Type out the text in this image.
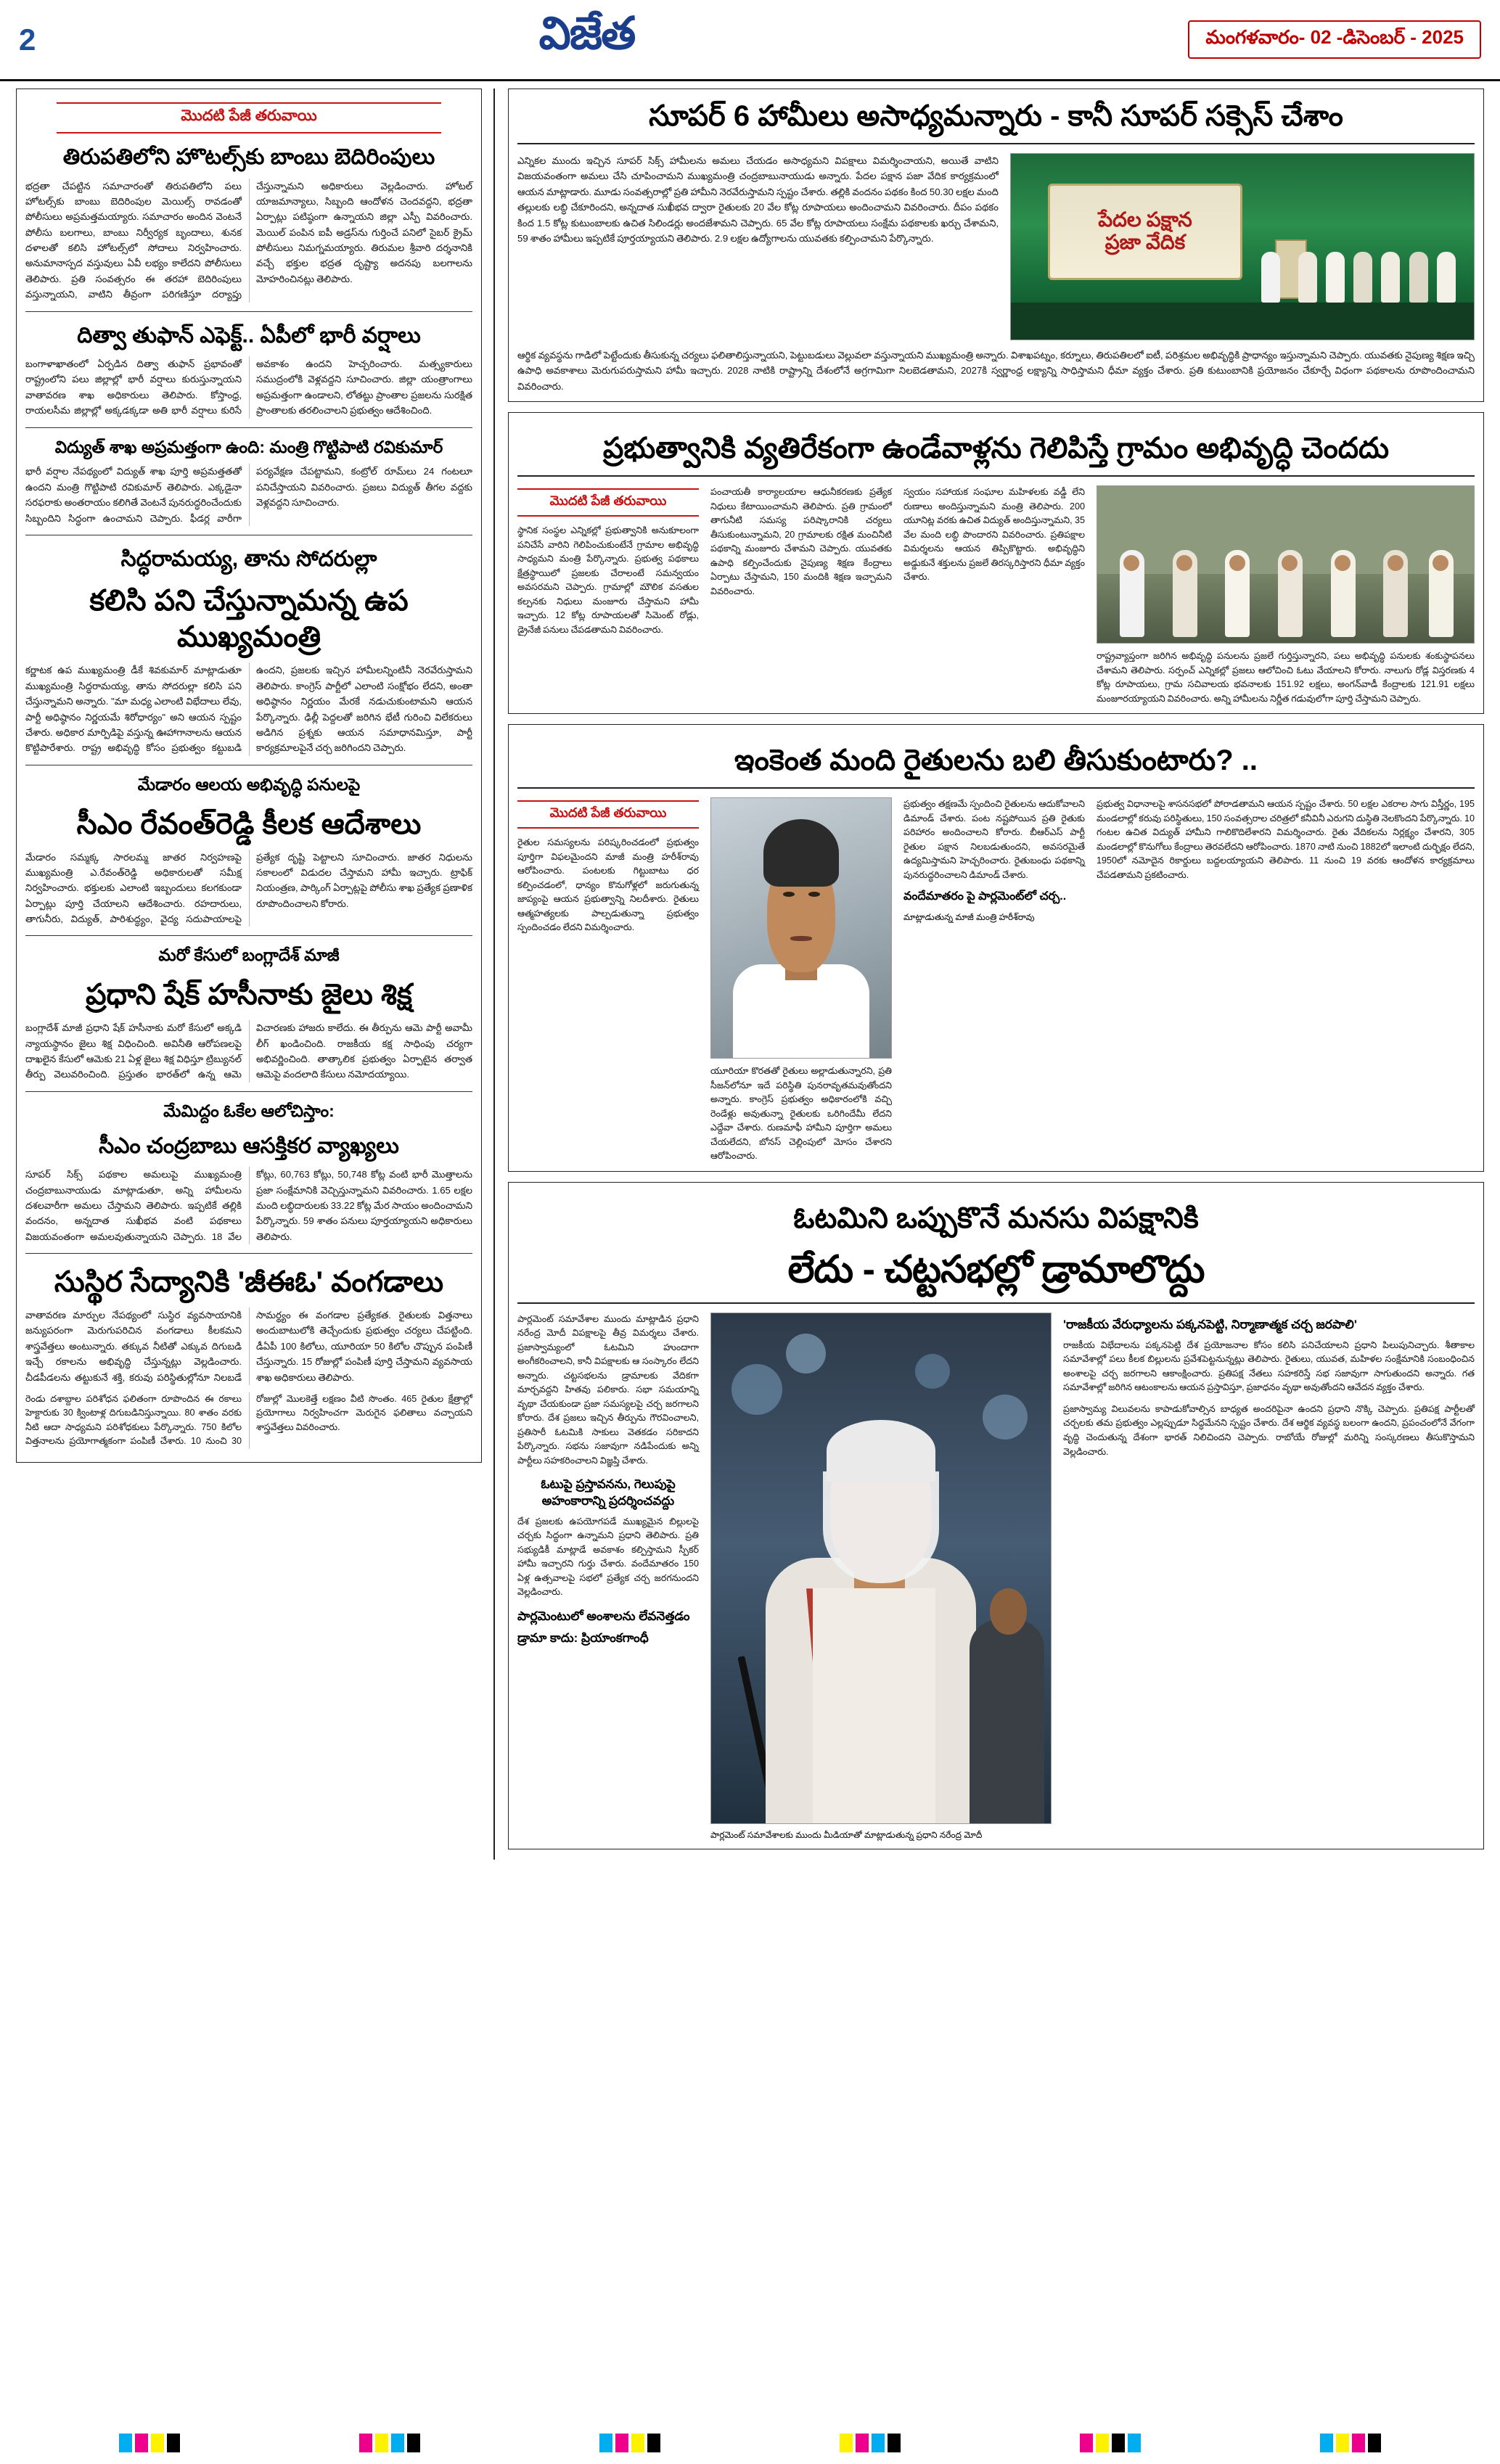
2	విజేత	మంగళవారం- 02 -డిసెంబర్ - 2025
మొదటి పేజీ తరువాయి
తిరుపతిలోని హొటల్స్‌కు బాంబు బెదిరింపులు
భద్రతా చేపట్టిన సమాచారంతో తిరుపతిలోని పలు హోటల్స్‌కు బాంబు బెదిరింపుల మెయిల్స్ రావడంతో పోలీసులు అప్రమత్తమయ్యారు. సమాచారం అందిన వెంటనే పోలీసు బలగాలు, బాంబు నిర్వీర్యక బృందాలు, శునక దళాలతో కలిసి హోటల్స్‌లో సోదాలు నిర్వహించారు. అనుమానాస్పద వస్తువులు ఏవీ లభ్యం కాలేదని పోలీసులు తెలిపారు. ప్రతి సంవత్సరం ఈ తరహా బెదిరింపులు వస్తున్నాయని, వాటిని తీవ్రంగా పరిగణిస్తూ దర్యాప్తు చేస్తున్నామని అధికారులు వెల్లడించారు. హోటల్ యాజమాన్యాలు, సిబ్బంది ఆందోళన చెందవద్దని, భద్రతా ఏర్పాట్లు పటిష్ఠంగా ఉన్నాయని జిల్లా ఎస్పీ వివరించారు. మెయిల్ పంపిన ఐపీ అడ్రస్‌ను గుర్తించే పనిలో సైబర్ క్రైమ్ పోలీసులు నిమగ్నమయ్యారు. తిరుమల శ్రీవారి దర్శనానికి వచ్చే భక్తుల భద్రత దృష్ట్యా అదనపు బలగాలను మోహరించినట్లు తెలిపారు.
దిత్వా తుఫాన్ ఎఫెక్ట్.. ఏపీలో భారీ వర్షాలు
బంగాళాఖాతంలో ఏర్పడిన దిత్వా తుఫాన్ ప్రభావంతో రాష్ట్రంలోని పలు జిల్లాల్లో భారీ వర్షాలు కురుస్తున్నాయని వాతావరణ శాఖ అధికారులు తెలిపారు. కోస్తాంధ్ర, రాయలసీమ జిల్లాల్లో అక్కడక్కడా అతి భారీ వర్షాలు కురిసే అవకాశం ఉందని హెచ్చరించారు. మత్స్యకారులు సముద్రంలోకి వెళ్లవద్దని సూచించారు. జిల్లా యంత్రాంగాలు అప్రమత్తంగా ఉండాలని, లోతట్టు ప్రాంతాల ప్రజలను సురక్షిత ప్రాంతాలకు తరలించాలని ప్రభుత్వం ఆదేశించింది.
విద్యుత్ శాఖ అప్రమత్తంగా ఉంది: మంత్రి గొట్టిపాటి రవికుమార్
భారీ వర్షాల నేపథ్యంలో విద్యుత్ శాఖ పూర్తి అప్రమత్తతతో ఉందని మంత్రి గొట్టిపాటి రవికుమార్ తెలిపారు. ఎక్కడైనా సరఫరాకు అంతరాయం కలిగితే వెంటనే పునరుద్ధరించేందుకు సిబ్బందిని సిద్ధంగా ఉంచామని చెప్పారు. ఫీడర్ల వారీగా పర్యవేక్షణ చేపట్టామని, కంట్రోల్ రూమ్‌లు 24 గంటలూ పనిచేస్తాయని వివరించారు. ప్రజలు విద్యుత్ తీగల వద్దకు వెళ్లవద్దని సూచించారు.
సిద్ధరామయ్య, తాను సోదరుల్లా
కలిసి పని చేస్తున్నామన్న ఉప ముఖ్యమంత్రి
కర్ణాటక ఉప ముఖ్యమంత్రి డీకే శివకుమార్ మాట్లాడుతూ ముఖ్యమంత్రి సిద్ధరామయ్య, తాను సోదరుల్లా కలిసి పని చేస్తున్నామని అన్నారు. "మా మధ్య ఎలాంటి విభేదాలు లేవు, పార్టీ అధిష్ఠానం నిర్ణయమే శిరోధార్యం" అని ఆయన స్పష్టం చేశారు. అధికార మార్పిడిపై వస్తున్న ఊహాగానాలను ఆయన కొట్టిపారేశారు. రాష్ట్ర అభివృద్ధి కోసం ప్రభుత్వం కట్టుబడి ఉందని, ప్రజలకు ఇచ్చిన హామీలన్నింటినీ నెరవేరుస్తామని తెలిపారు. కాంగ్రెస్ పార్టీలో ఎలాంటి సంక్షోభం లేదని, అంతా అధిష్ఠానం నిర్ణయం మేరకే నడుచుకుంటామని ఆయన పేర్కొన్నారు. ఢిల్లీ పెద్దలతో జరిగిన భేటీ గురించి విలేకరులు అడిగిన ప్రశ్నకు ఆయన సమాధానమిస్తూ, పార్టీ కార్యక్రమాలపైనే చర్చ జరిగిందని చెప్పారు.
మేడారం ఆలయ అభివృద్ధి పనులపై
సీఎం రేవంత్‌రెడ్డి కీలక ఆదేశాలు
మేడారం సమ్మక్క సారలమ్మ జాతర నిర్వహణపై ముఖ్యమంత్రి ఎ.రేవంత్‌రెడ్డి అధికారులతో సమీక్ష నిర్వహించారు. భక్తులకు ఎలాంటి ఇబ్బందులు కలగకుండా ఏర్పాట్లు పూర్తి చేయాలని ఆదేశించారు. రహదారులు, తాగునీరు, విద్యుత్, పారిశుద్ధ్యం, వైద్య సదుపాయాలపై ప్రత్యేక దృష్టి పెట్టాలని సూచించారు. జాతర నిధులను సకాలంలో విడుదల చేస్తామని హామీ ఇచ్చారు. ట్రాఫిక్ నియంత్రణ, పార్కింగ్ ఏర్పాట్లపై పోలీసు శాఖ ప్రత్యేక ప్రణాళిక రూపొందించాలని కోరారు.
మరో కేసులో బంగ్లాదేశ్ మాజీ
ప్రధాని షేక్ హసీనాకు జైలు శిక్ష
బంగ్లాదేశ్ మాజీ ప్రధాని షేక్ హసీనాకు మరో కేసులో అక్కడి న్యాయస్థానం జైలు శిక్ష విధించింది. అవినీతి ఆరోపణలపై దాఖలైన కేసులో ఆమెకు 21 ఏళ్ల జైలు శిక్ష విధిస్తూ ట్రిబ్యునల్ తీర్పు వెలువరించింది. ప్రస్తుతం భారత్‌లో ఉన్న ఆమె విచారణకు హాజరు కాలేదు. ఈ తీర్పును ఆమె పార్టీ అవామీ లీగ్ ఖండించింది. రాజకీయ కక్ష సాధింపు చర్యగా అభివర్ణించింది. తాత్కాలిక ప్రభుత్వం ఏర్పాటైన తర్వాత ఆమెపై వందలాది కేసులు నమోదయ్యాయి.
మేమిద్దం ఓకేల ఆలోచిస్తాం:
సీఎం చంద్రబాబు ఆసక్తికర వ్యాఖ్యలు
సూపర్ సిక్స్ పథకాల అమలుపై ముఖ్యమంత్రి చంద్రబాబునాయుడు మాట్లాడుతూ, అన్ని హామీలను దశలవారీగా అమలు చేస్తామని తెలిపారు. ఇప్పటికే తల్లికి వందనం, అన్నదాత సుఖీభవ వంటి పథకాలు విజయవంతంగా అమలవుతున్నాయని చెప్పారు. 18 వేల కోట్లు, 60,763 కోట్లు, 50,748 కోట్ల వంటి భారీ మొత్తాలను ప్రజా సంక్షేమానికి వెచ్చిస్తున్నామని వివరించారు. 1.65 లక్షల మంది లబ్ధిదారులకు 33.22 కోట్ల మేర సాయం అందించామని పేర్కొన్నారు. 59 శాతం పనులు పూర్తయ్యాయని అధికారులు తెలిపారు.
సుస్థిర సేద్యానికి 'జీఈఓ' వంగడాలు
వాతావరణ మార్పుల నేపథ్యంలో సుస్థిర వ్యవసాయానికి జన్యుపరంగా మెరుగుపరిచిన వంగడాలు కీలకమని శాస్త్రవేత్తలు అంటున్నారు. తక్కువ నీటితో ఎక్కువ దిగుబడి ఇచ్చే రకాలను అభివృద్ధి చేస్తున్నట్లు వెల్లడించారు. చీడపీడలను తట్టుకునే శక్తి, కరువు పరిస్థితుల్లోనూ నిలబడే సామర్థ్యం ఈ వంగడాల ప్రత్యేకత. రైతులకు విత్తనాలు అందుబాటులోకి తెచ్చేందుకు ప్రభుత్వం చర్యలు చేపట్టింది. డీఏపీ 100 కిలోలు, యూరియా 50 కిలోల చొప్పున పంపిణీ చేస్తున్నారు. 15 రోజుల్లో పంపిణీ పూర్తి చేస్తామని వ్యవసాయ శాఖ అధికారులు తెలిపారు.
రెండు దశాబ్దాల పరిశోధన ఫలితంగా రూపొందిన ఈ రకాలు హెక్టారుకు 30 క్వింటాళ్ల దిగుబడినిస్తున్నాయి. 80 శాతం వరకు నీటి ఆదా సాధ్యమని పరిశోధకులు పేర్కొన్నారు. 750 కిలోల విత్తనాలను ప్రయోగాత్మకంగా పంపిణీ చేశారు. 10 నుంచి 30 రోజుల్లో మొలకెత్తే లక్షణం వీటి సొంతం. 465 రైతుల క్షేత్రాల్లో ప్రయోగాలు నిర్వహించగా మెరుగైన ఫలితాలు వచ్చాయని శాస్త్రవేత్తలు వివరించారు.
సూపర్ 6 హామీలు అసాధ్యమన్నారు - కానీ సూపర్ సక్సెస్ చేశాం
ఎన్నికల ముందు ఇచ్చిన సూపర్ సిక్స్ హామీలను అమలు చేయడం అసాధ్యమని విపక్షాలు విమర్శించాయని, అయితే వాటిని విజయవంతంగా అమలు చేసి చూపించామని ముఖ్యమంత్రి చంద్రబాబునాయుడు అన్నారు. పేదల పక్షాన పజా వేదిక కార్యక్రమంలో ఆయన మాట్లాడారు. మూడు సంవత్సరాల్లో ప్రతి హామీని నెరవేరుస్తామని స్పష్టం చేశారు. తల్లికి వందనం పథకం కింద 50.30 లక్షల మంది తల్లులకు లబ్ధి చేకూరిందని, అన్నదాత సుఖీభవ ద్వారా రైతులకు 20 వేల కోట్ల రూపాయలు అందించామని వివరించారు. దీపం పథకం కింద 1.5 కోట్ల కుటుంబాలకు ఉచిత సిలిండర్లు అందజేశామని చెప్పారు. 65 వేల కోట్ల రూపాయలు సంక్షేమ పథకాలకు ఖర్చు చేశామని, 59 శాతం హామీలు ఇప్పటికే పూర్తయ్యాయని తెలిపారు. 2.9 లక్షల ఉద్యోగాలను యువతకు కల్పించామని పేర్కొన్నారు.
పేదల పక్షాన
ప్రజా వేదిక
ఆర్థిక వ్యవస్థను గాడిలో పెట్టేందుకు తీసుకున్న చర్యలు ఫలితాలిస్తున్నాయని, పెట్టుబడులు వెల్లువలా వస్తున్నాయని ముఖ్యమంత్రి అన్నారు. విశాఖపట్నం, కర్నూలు, తిరుపతిలలో ఐటీ, పరిశ్రమల అభివృద్ధికి ప్రాధాన్యం ఇస్తున్నామని చెప్పారు. యువతకు నైపుణ్య శిక్షణ ఇచ్చి ఉపాధి అవకాశాలు మెరుగుపరుస్తామని హామీ ఇచ్చారు. 2028 నాటికి రాష్ట్రాన్ని దేశంలోనే అగ్రగామిగా నిలబెడతామని, 2027కి స్వర్ణాంధ్ర లక్ష్యాన్ని సాధిస్తామని ధీమా వ్యక్తం చేశారు. ప్రతి కుటుంబానికి ప్రయోజనం చేకూర్చే విధంగా పథకాలను రూపొందించామని వివరించారు.
ప్రభుత్వానికి వ్యతిరేకంగా ఉండేవాళ్లను గెలిపిస్తే గ్రామం అభివృద్ధి చెందదు
మొదటి పేజీ తరువాయి
స్థానిక సంస్థల ఎన్నికల్లో ప్రభుత్వానికి అనుకూలంగా పనిచేసే వారిని గెలిపించుకుంటేనే గ్రామాల అభివృద్ధి సాధ్యమని మంత్రి పేర్కొన్నారు. ప్రభుత్వ పథకాలు క్షేత్రస్థాయిలో ప్రజలకు చేరాలంటే సమన్వయం అవసరమని చెప్పారు. గ్రామాల్లో మౌలిక వసతుల కల్పనకు నిధులు మంజూరు చేస్తామని హామీ ఇచ్చారు. 12 కోట్ల రూపాయలతో సిమెంట్ రోడ్లు, డ్రైనేజీ పనులు చేపడతామని వివరించారు.
పంచాయతీ కార్యాలయాల ఆధునీకరణకు ప్రత్యేక నిధులు కేటాయించామని తెలిపారు. ప్రతి గ్రామంలో తాగునీటి సమస్య పరిష్కారానికి చర్యలు తీసుకుంటున్నామని, 20 గ్రామాలకు రక్షిత మంచినీటి పథకాన్ని మంజూరు చేశామని చెప్పారు. యువతకు ఉపాధి కల్పించేందుకు నైపుణ్య శిక్షణ కేంద్రాలు ఏర్పాటు చేస్తామని, 150 మందికి శిక్షణ ఇచ్చామని వివరించారు.
స్వయం సహాయక సంఘాల మహిళలకు వడ్డీ లేని రుణాలు అందిస్తున్నామని మంత్రి తెలిపారు. 200 యూనిట్ల వరకు ఉచిత విద్యుత్ అందిస్తున్నామని, 35 వేల మంది లబ్ధి పొందారని వివరించారు. ప్రతిపక్షాల విమర్శలను ఆయన తిప్పికొట్టారు. అభివృద్ధిని అడ్డుకునే శక్తులను ప్రజలే తిరస్కరిస్తారని ధీమా వ్యక్తం చేశారు.
రాష్ట్రవ్యాప్తంగా జరిగిన అభివృద్ధి పనులను ప్రజలే గుర్తిస్తున్నారని, పలు అభివృద్ధి పనులకు శంకుస్థాపనలు చేశామని తెలిపారు. సర్పంచ్ ఎన్నికల్లో ప్రజలు ఆలోచించి ఓటు వేయాలని కోరారు. నాలుగు రోడ్ల విస్తరణకు 4 కోట్ల రూపాయలు, గ్రామ సచివాలయ భవనాలకు 151.92 లక్షలు, అంగన్‌వాడీ కేంద్రాలకు 121.91 లక్షలు మంజూరయ్యాయని వివరించారు. అన్ని హామీలను నిర్ణీత గడువులోగా పూర్తి చేస్తామని చెప్పారు.
ఇంకెంత మంది రైతులను బలి తీసుకుంటారు? ..
మొదటి పేజీ తరువాయి
రైతుల సమస్యలను పరిష్కరించడంలో ప్రభుత్వం పూర్తిగా విఫలమైందని మాజీ మంత్రి హరీశ్‌రావు ఆరోపించారు. పంటలకు గిట్టుబాటు ధర కల్పించడంలో, ధాన్యం కొనుగోళ్లలో జరుగుతున్న జాప్యంపై ఆయన ప్రభుత్వాన్ని నిలదీశారు. రైతులు ఆత్మహత్యలకు పాల్పడుతున్నా ప్రభుత్వం స్పందించడం లేదని విమర్శించారు.
యూరియా కొరతతో రైతులు అల్లాడుతున్నారని, ప్రతి సీజన్‌లోనూ ఇదే పరిస్థితి పునరావృతమవుతోందని అన్నారు. కాంగ్రెస్ ప్రభుత్వం అధికారంలోకి వచ్చి రెండేళ్లు అవుతున్నా రైతులకు ఒరిగిందేమీ లేదని ఎద్దేవా చేశారు. రుణమాఫీ హామీని పూర్తిగా అమలు చేయలేదని, బోనస్ చెల్లింపులో మోసం చేశారని ఆరోపించారు.
ప్రభుత్వం తక్షణమే స్పందించి రైతులను ఆదుకోవాలని డిమాండ్ చేశారు. పంట నష్టపోయిన ప్రతి రైతుకు పరిహారం అందించాలని కోరారు. బీఆర్ఎస్ పార్టీ రైతుల పక్షాన నిలబడుతుందని, అవసరమైతే ఉద్యమిస్తామని హెచ్చరించారు. రైతుబంధు పథకాన్ని పునరుద్ధరించాలని డిమాండ్ చేశారు.
వందేమాతరం పై పార్లమెంట్‌లో చర్చ..
మాట్లాడుతున్న మాజీ మంత్రి హరీశ్‌రావు
ప్రభుత్వ విధానాలపై శాసనసభలో పోరాడతామని ఆయన స్పష్టం చేశారు. 50 లక్షల ఎకరాల సాగు విస్తీర్ణం, 195 మండలాల్లో కరువు పరిస్థితులు, 150 సంవత్సరాల చరిత్రలో కనీవినీ ఎరుగని దుస్థితి నెలకొందని పేర్కొన్నారు. 10 గంటల ఉచిత విద్యుత్ హామీని గాలికొదిలేశారని విమర్శించారు. రైతు వేదికలను నిర్లక్ష్యం చేశారని, 305 మండలాల్లో కొనుగోలు కేంద్రాలు తెరవలేదని ఆరోపించారు. 1870 నాటి నుంచి 1882లో ఇలాంటి దుర్భిక్షం లేదని, 1950లో నమోదైన రికార్డులు బద్దలయ్యాయని తెలిపారు. 11 నుంచి 19 వరకు ఆందోళన కార్యక్రమాలు చేపడతామని ప్రకటించారు.
ఓటమిని ఒప్పుకొనే మనసు విపక్షానికి
లేదు - చట్టసభల్లో డ్రామాలొద్దు
పార్లమెంట్ సమావేశాల ముందు మాట్లాడిన ప్రధాని నరేంద్ర మోదీ విపక్షాలపై తీవ్ర విమర్శలు చేశారు. ప్రజాస్వామ్యంలో ఓటమిని హుందాగా అంగీకరించాలని, కానీ విపక్షాలకు ఆ సంస్కారం లేదని అన్నారు. చట్టసభలను డ్రామాలకు వేదికగా మార్చవద్దని హితవు పలికారు. సభా సమయాన్ని వృథా చేయకుండా ప్రజా సమస్యలపై చర్చ జరగాలని కోరారు. దేశ ప్రజలు ఇచ్చిన తీర్పును గౌరవించాలని, ప్రతిసారీ ఓటమికి సాకులు వెతకడం సరికాదని పేర్కొన్నారు. సభను సజావుగా నడిపేందుకు అన్ని పార్టీలు సహకరించాలని విజ్ఞప్తి చేశారు.
ఓటుపై ప్రస్తావనను, గెలుపుపై అహంకారాన్ని ప్రదర్శించవద్దు
దేశ ప్రజలకు ఉపయోగపడే ముఖ్యమైన బిల్లులపై చర్చకు సిద్ధంగా ఉన్నామని ప్రధాని తెలిపారు. ప్రతి సభ్యుడికీ మాట్లాడే అవకాశం కల్పిస్తామని స్పీకర్ హామీ ఇచ్చారని గుర్తు చేశారు. వందేమాతరం 150 ఏళ్ల ఉత్సవాలపై సభలో ప్రత్యేక చర్చ జరగనుందని వెల్లడించారు.
పార్లమెంటులో అంశాలను లేవనెత్తడం
డ్రామా కాదు: ప్రియాంకగాంధీ
పార్లమెంట్ సమావేశాలకు ముందు మీడియాతో మాట్లాడుతున్న ప్రధాని నరేంద్ర మోదీ
'రాజకీయ వేరుధ్యాలను పక్కనపెట్టి, నిర్మాణాత్మక చర్చ జరపాలి'
రాజకీయ విభేదాలను పక్కనపెట్టి దేశ ప్రయోజనాల కోసం కలిసి పనిచేయాలని ప్రధాని పిలుపునిచ్చారు. శీతాకాల సమావేశాల్లో పలు కీలక బిల్లులను ప్రవేశపెట్టనున్నట్లు తెలిపారు. రైతులు, యువత, మహిళల సంక్షేమానికి సంబంధించిన అంశాలపై చర్చ జరగాలని ఆకాంక్షించారు. ప్రతిపక్ష నేతలు సహకరిస్తే సభ సజావుగా సాగుతుందని అన్నారు. గత సమావేశాల్లో జరిగిన ఆటంకాలను ఆయన ప్రస్తావిస్తూ, ప్రజాధనం వృథా అవుతోందని ఆవేదన వ్యక్తం చేశారు.
ప్రజాస్వామ్య విలువలను కాపాడుకోవాల్సిన బాధ్యత అందరిపైనా ఉందని ప్రధాని నొక్కి చెప్పారు. ప్రతిపక్ష పార్టీలతో చర్చలకు తమ ప్రభుత్వం ఎల్లప్పుడూ సిద్ధమేనని స్పష్టం చేశారు. దేశ ఆర్థిక వ్యవస్థ బలంగా ఉందని, ప్రపంచంలోనే వేగంగా వృద్ధి చెందుతున్న దేశంగా భారత్ నిలిచిందని చెప్పారు. రాబోయే రోజుల్లో మరిన్ని సంస్కరణలు తీసుకొస్తామని వెల్లడించారు.
